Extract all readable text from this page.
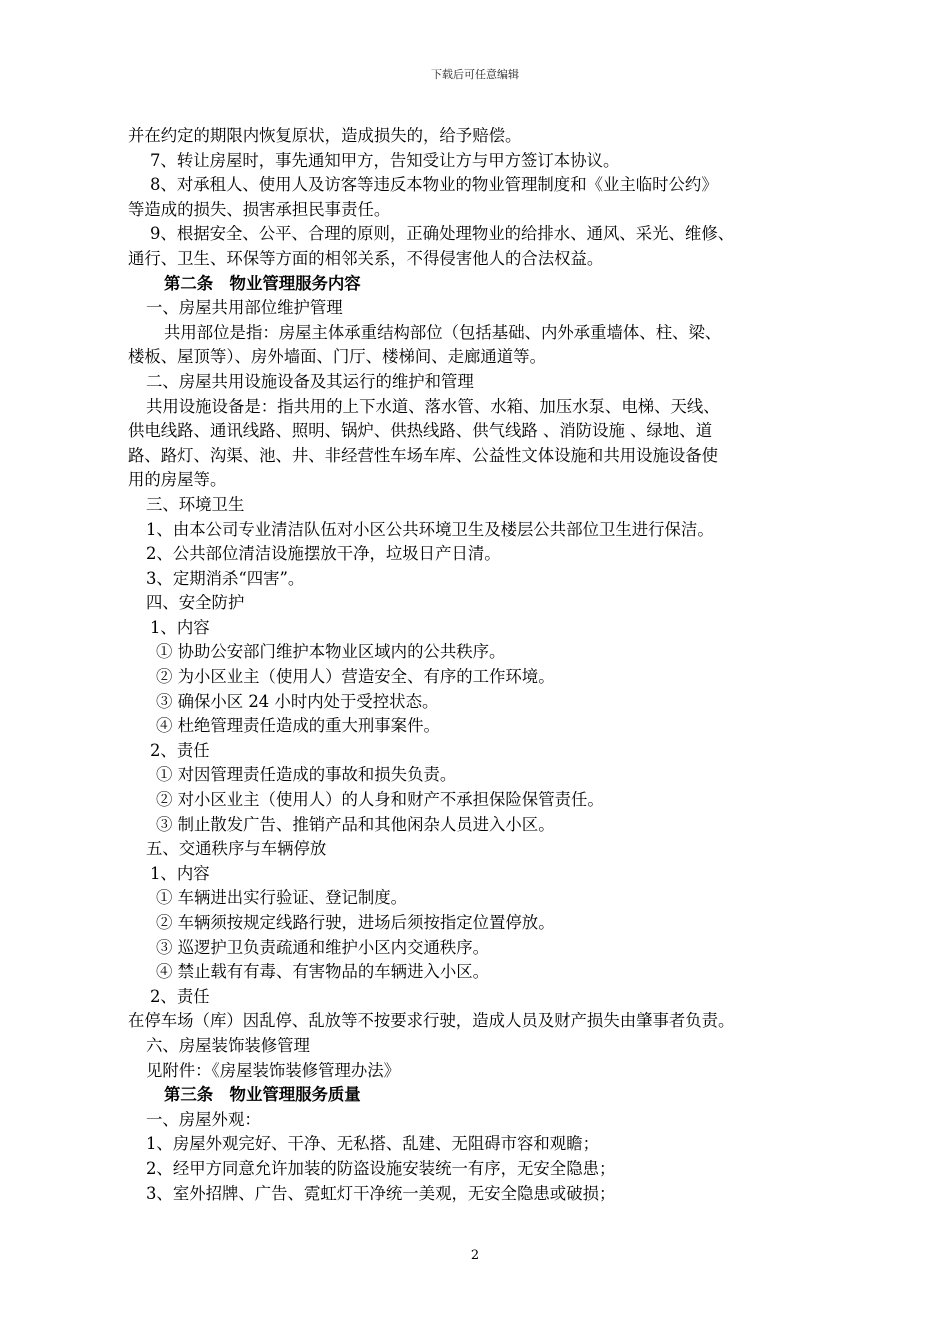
下载后可任意编辑
并在约定的期限内恢复原状，造成损失的，给予赔偿。
7、转让房屋时，事先通知甲方，告知受让方与甲方签订本协议。
8、对承租人、使用人及访客等违反本物业的物业管理制度和《业主临时公约》
等造成的损失、损害承担民事责任。
9、根据安全、公平、合理的原则，正确处理物业的给排水、通风、采光、维修、
通行、卫生、环保等方面的相邻关系，不得侵害他人的合法权益。
第二条　物业管理服务内容
一、房屋共用部位维护管理
共用部位是指：房屋主体承重结构部位（包括基础、内外承重墙体、柱、梁、
楼板、屋顶等）、房外墙面、门厅、楼梯间、走廊通道等。
二、房屋共用设施设备及其运行的维护和管理
共用设施设备是：指共用的上下水道、落水管、水箱、加压水泵、电梯、天线、
供电线路、通讯线路、照明、锅炉、供热线路、供气线路 、消防设施 、绿地、道
路、路灯、沟渠、池、井、非经营性车场车库、公益性文体设施和共用设施设备使
用的房屋等。
三、环境卫生
1、由本公司专业清洁队伍对小区公共环境卫生及楼层公共部位卫生进行保洁。
2、公共部位清洁设施摆放干净，垃圾日产日清。
3、定期消杀“四害”。
四、安全防护
1、内容
① 协助公安部门维护本物业区域内的公共秩序。
② 为小区业主（使用人）营造安全、有序的工作环境。
③ 确保小区 24 小时内处于受控状态。
④ 杜绝管理责任造成的重大刑事案件。
2、责任
① 对因管理责任造成的事故和损失负责。
② 对小区业主（使用人）的人身和财产不承担保险保管责任。
③ 制止散发广告、推销产品和其他闲杂人员进入小区。
五、交通秩序与车辆停放
1、内容
① 车辆进出实行验证、登记制度。
② 车辆须按规定线路行驶，进场后须按指定位置停放。
③ 巡逻护卫负责疏通和维护小区内交通秩序。
④ 禁止载有有毒、有害物品的车辆进入小区。
2、责任
在停车场（库）因乱停、乱放等不按要求行驶，造成人员及财产损失由肇事者负责。
六、房屋装饰装修管理
见附件：《房屋装饰装修管理办法》
第三条　物业管理服务质量
一、房屋外观：
1、房屋外观完好、干净、无私搭、乱建、无阻碍市容和观瞻；
2、经甲方同意允许加装的防盗设施安装统一有序，无安全隐患；
3、室外招牌、广告、霓虹灯干净统一美观，无安全隐患或破损；
2
